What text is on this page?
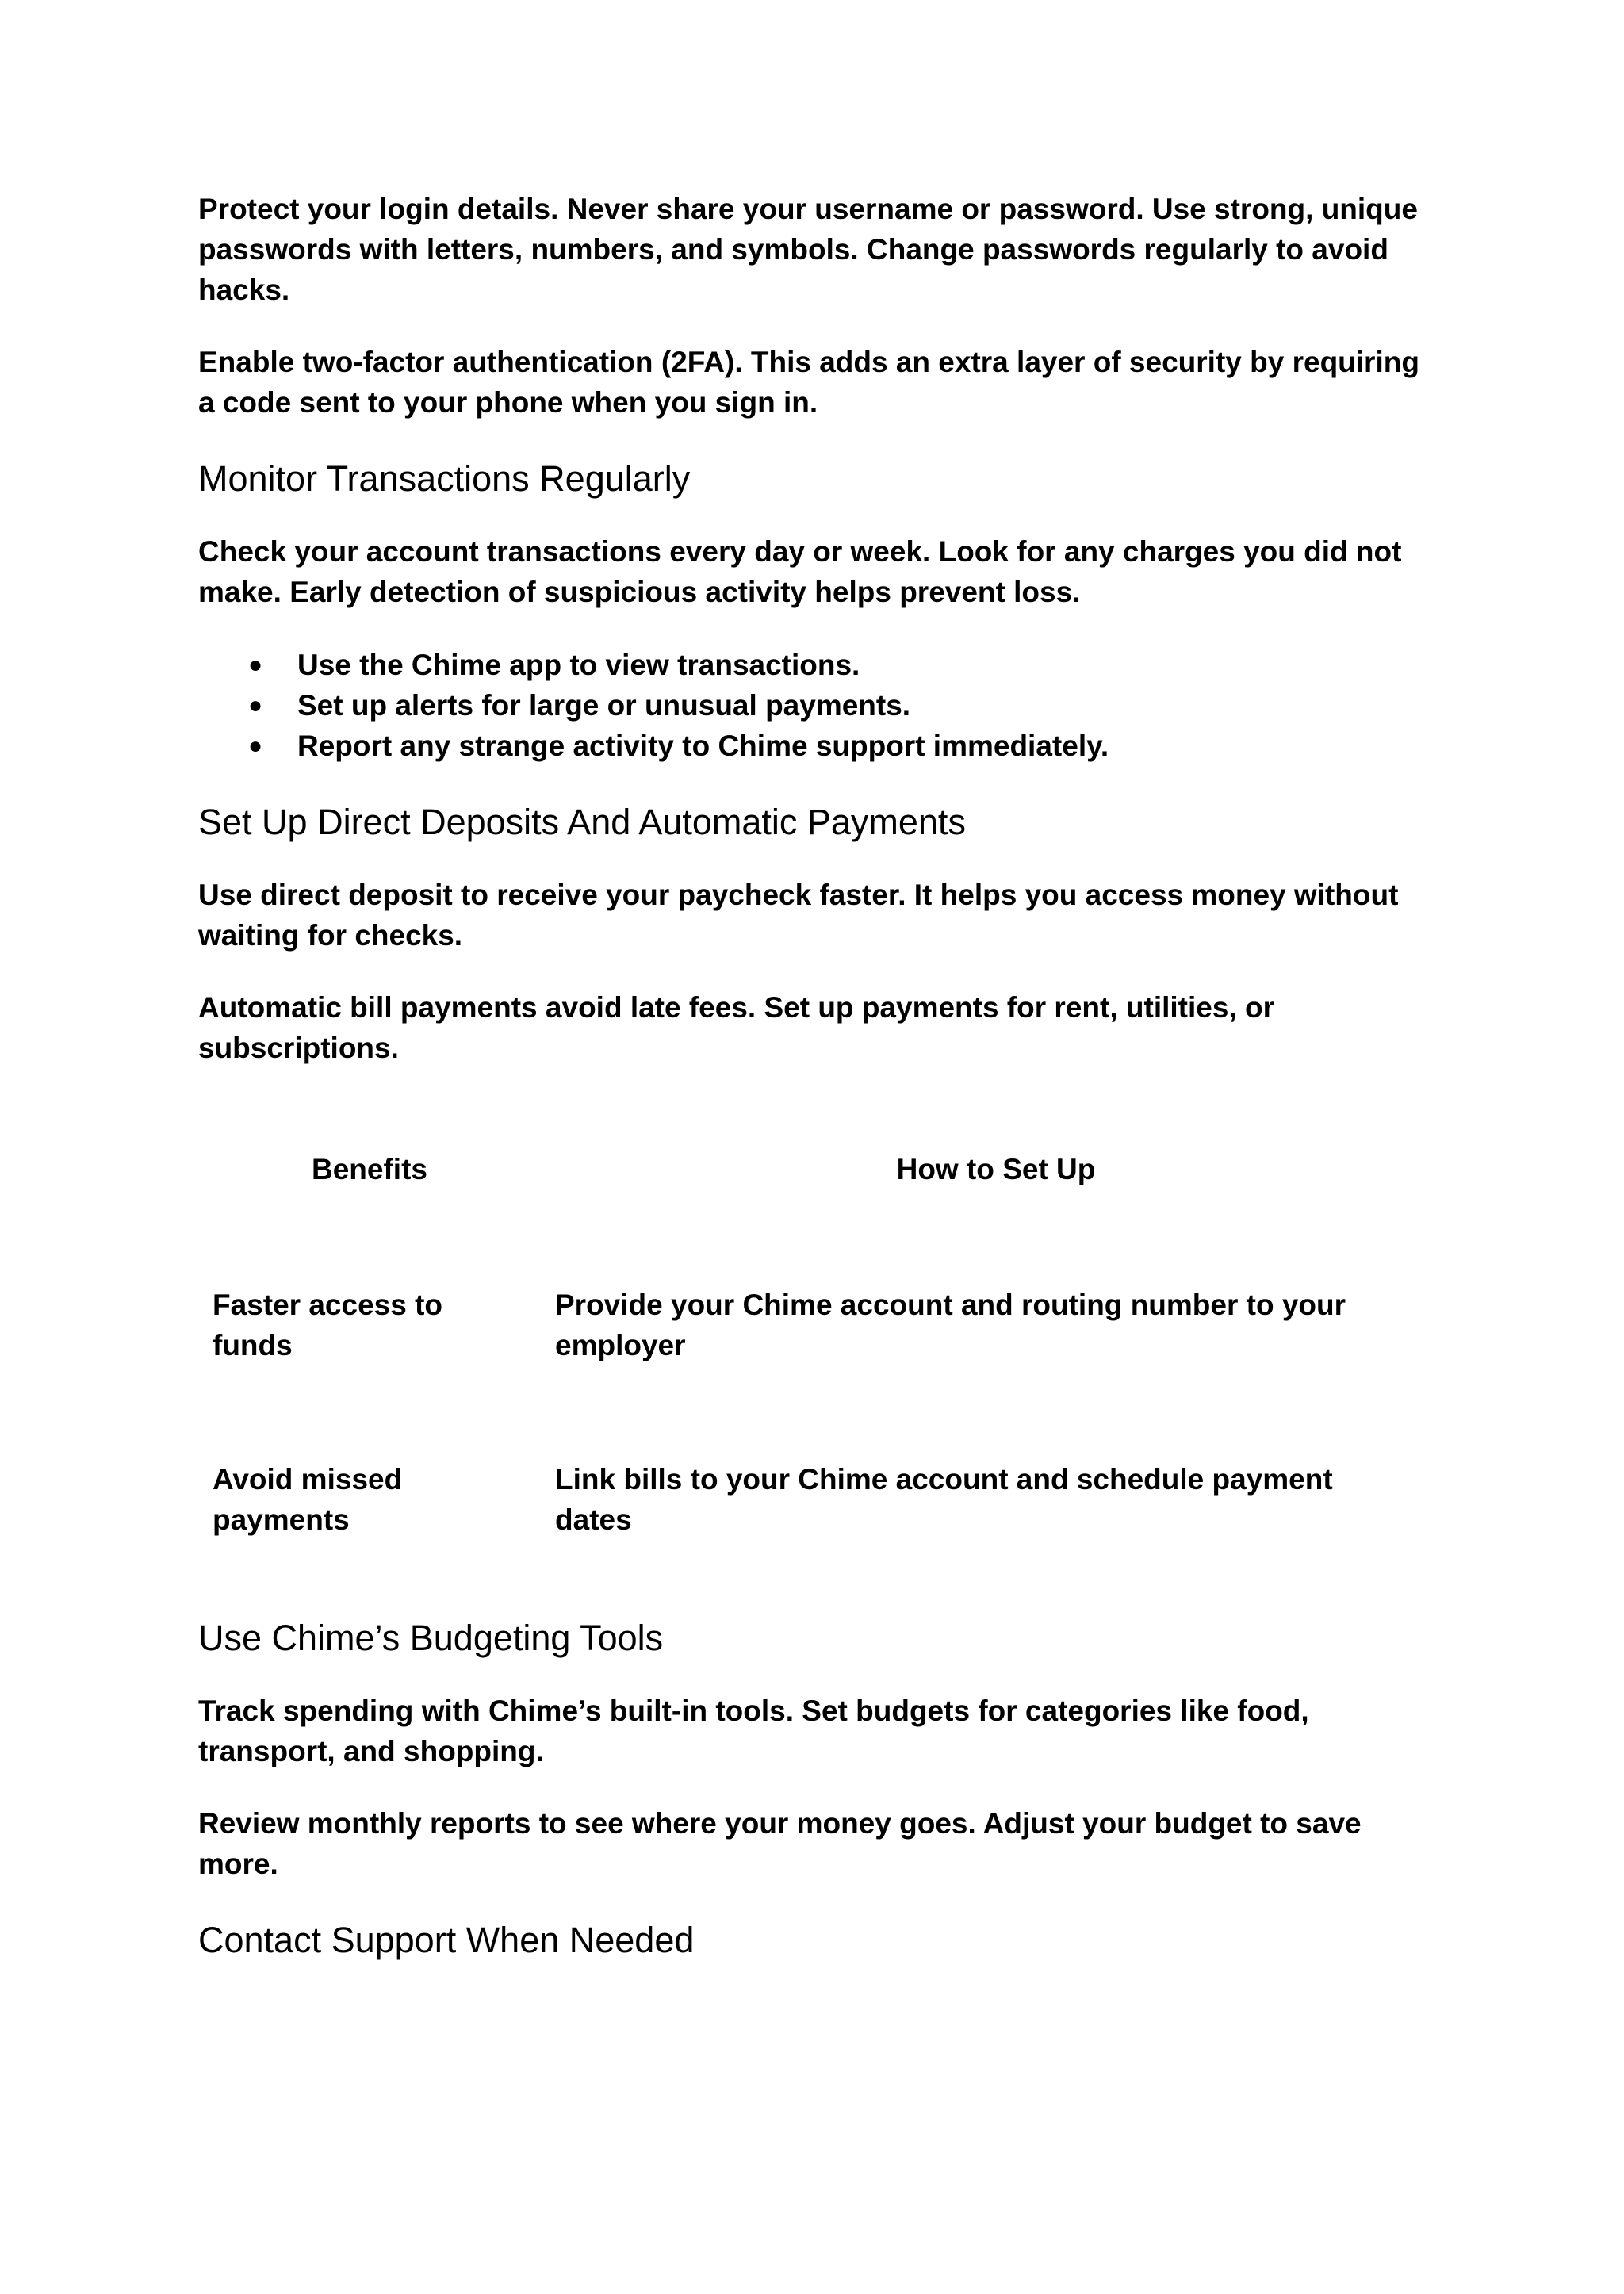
Protect your login details. Never share your username or password. Use strong, unique passwords with letters, numbers, and symbols. Change passwords regularly to avoid hacks.

Enable two-factor authentication (2FA). This adds an extra layer of security by requiring a code sent to your phone when you sign in.

Monitor Transactions Regularly

Check your account transactions every day or week. Look for any charges you did not make. Early detection of suspicious activity helps prevent loss.

● Use the Chime app to view transactions.
● Set up alerts for large or unusual payments.
● Report any strange activity to Chime support immediately.
Set Up Direct Deposits And Automatic Payments

Use direct deposit to receive your paycheck faster. It helps you access money without waiting for checks.

Automatic bill payments avoid late fees. Set up payments for rent, utilities, or subscriptions.

Benefits	How to Set Up
Faster access to funds	Provide your Chime account and routing number to your employer
Avoid missed payments	Link bills to your Chime account and schedule payment dates
Use Chime’s Budgeting Tools

Track spending with Chime’s built-in tools. Set budgets for categories like food, transport, and shopping.

Review monthly reports to see where your money goes. Adjust your budget to save more.

Contact Support When Needed
